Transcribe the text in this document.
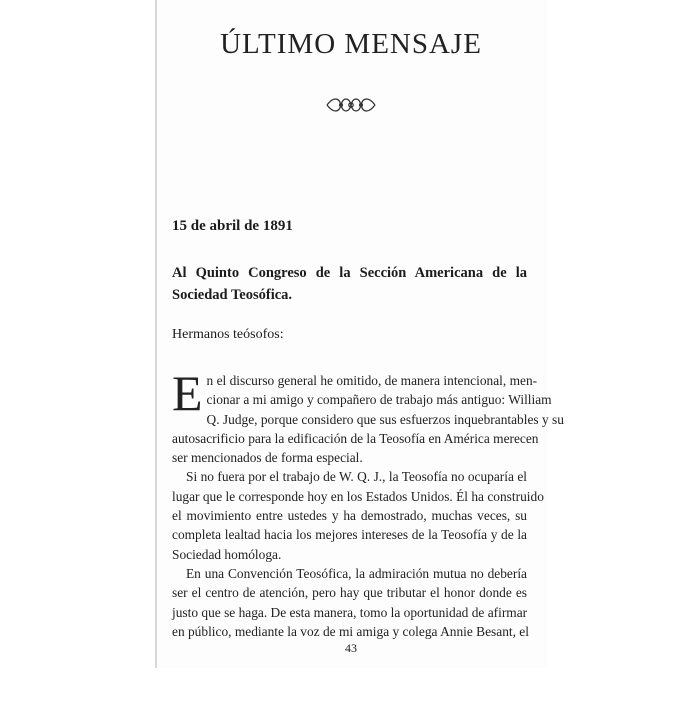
ÚLTIMO MENSAJE
15 de abril de 1891
Al Quinto Congreso de la Sección Americana de la
Sociedad Teosófica.
Hermanos teósofos:
E n el discurso general he omitido, de manera intencional, men-
cionar a mi amigo y compañero de trabajo más antiguo: William
Q. Judge, porque considero que sus esfuerzos inquebrantables y su
autosacrificio para la edificación de la Teosofía en América merecen
ser mencionados de forma especial.
Si no fuera por el trabajo de W. Q. J., la Teosofía no ocuparía el
lugar que le corresponde hoy en los Estados Unidos. Él ha construido
el movimiento entre ustedes y ha demostrado, muchas veces, su
completa lealtad hacia los mejores intereses de la Teosofía y de la
Sociedad homóloga.
En una Convención Teosófica, la admiración mutua no debería
ser el centro de atención, pero hay que tributar el honor donde es
justo que se haga. De esta manera, tomo la oportunidad de afirmar
en público, mediante la voz de mi amiga y colega Annie Besant, el
43
